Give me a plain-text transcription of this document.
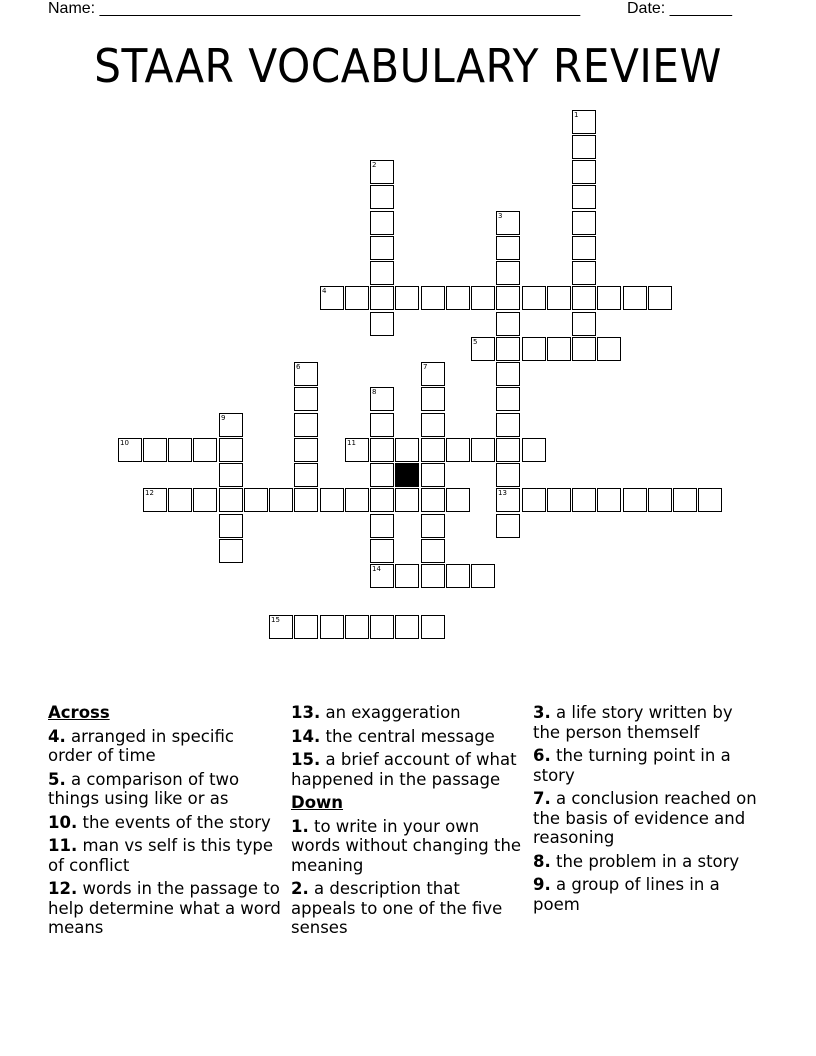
Name: ______________________________________________________	Date: _______
STAAR VOCABULARY REVIEW
1
2
3
13
4
5
6	7
8
9
10	11
12
14
15
Across
4. arranged in specific order of time
5. a comparison of two things using like or as
10. the events of the story
11. man vs self is this type of conflict
12. words in the passage to help determine what a word means
13. an exaggeration
14. the central message
15. a brief account of what happened in the passage
Down
1. to write in your own words without changing the meaning
2. a description that appeals to one of the five senses
3. a life story written by the person themself
6. the turning point in a story
7. a conclusion reached on the basis of evidence and reasoning
8. the problem in a story
9. a group of lines in a poem
